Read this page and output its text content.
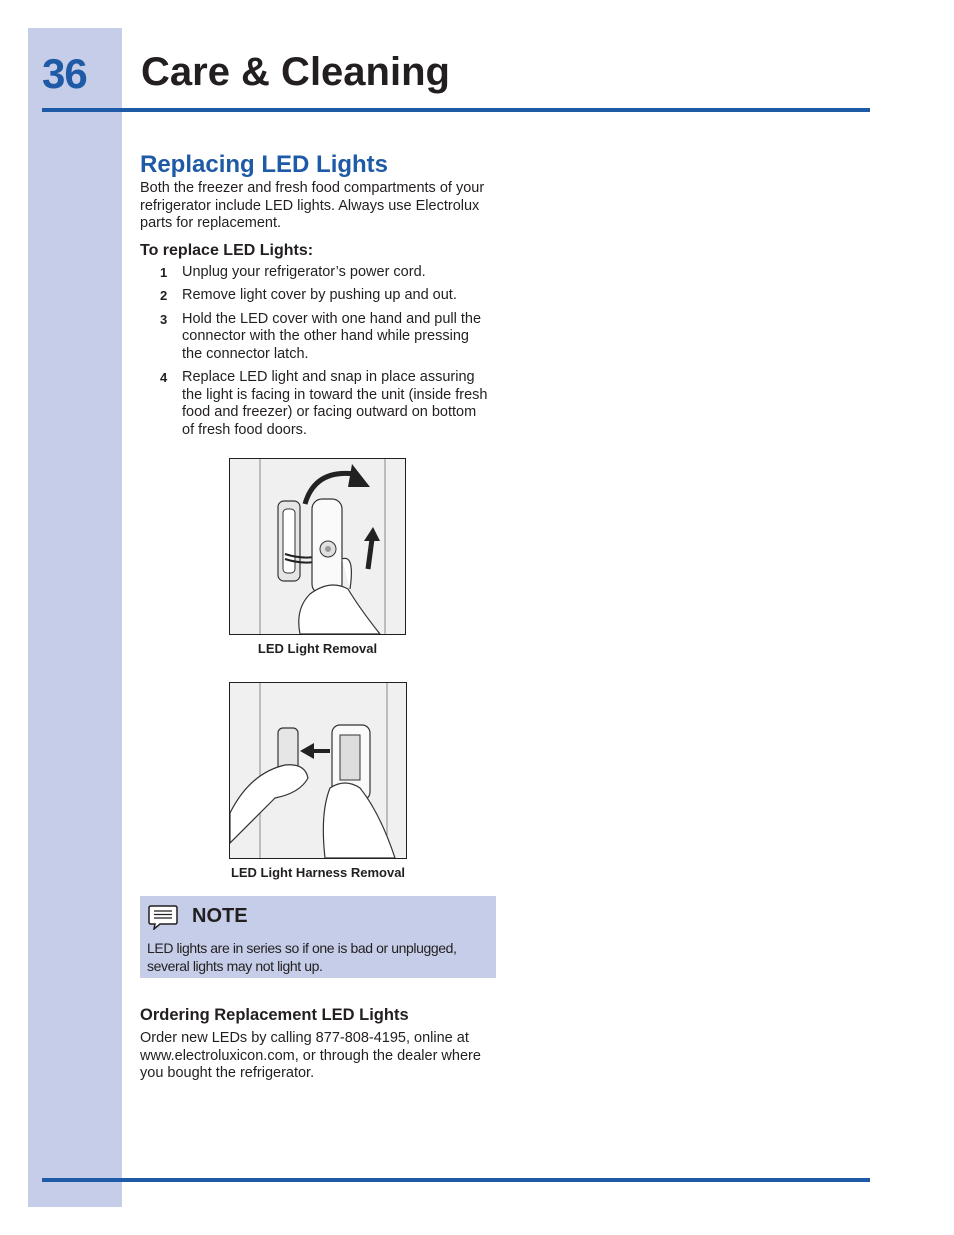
36 Care & Cleaning
Replacing LED Lights

Both the freezer and fresh food compartments of your refrigerator include LED lights. Always use Electrolux parts for replacement.

To replace LED Lights:
1	Unplug your refrigerator’s power cord.
2	Remove light cover by pushing up and out.
3	Hold the LED cover with one hand and pull the connector with the other hand while pressing the connector latch.
4	Replace LED light and snap in place assuring the light is facing in toward the unit (inside fresh food and freezer) or facing outward on bottom of fresh food doors.
LED Light Removal
LED Light Harness Removal
NOTE
LED lights are in series so if one is bad or unplugged, several lights may not light up.
Ordering Replacement LED Lights

Order new LEDs by calling 877-808-4195, online at www.electroluxicon.com, or through the dealer where you bought the refrigerator.
